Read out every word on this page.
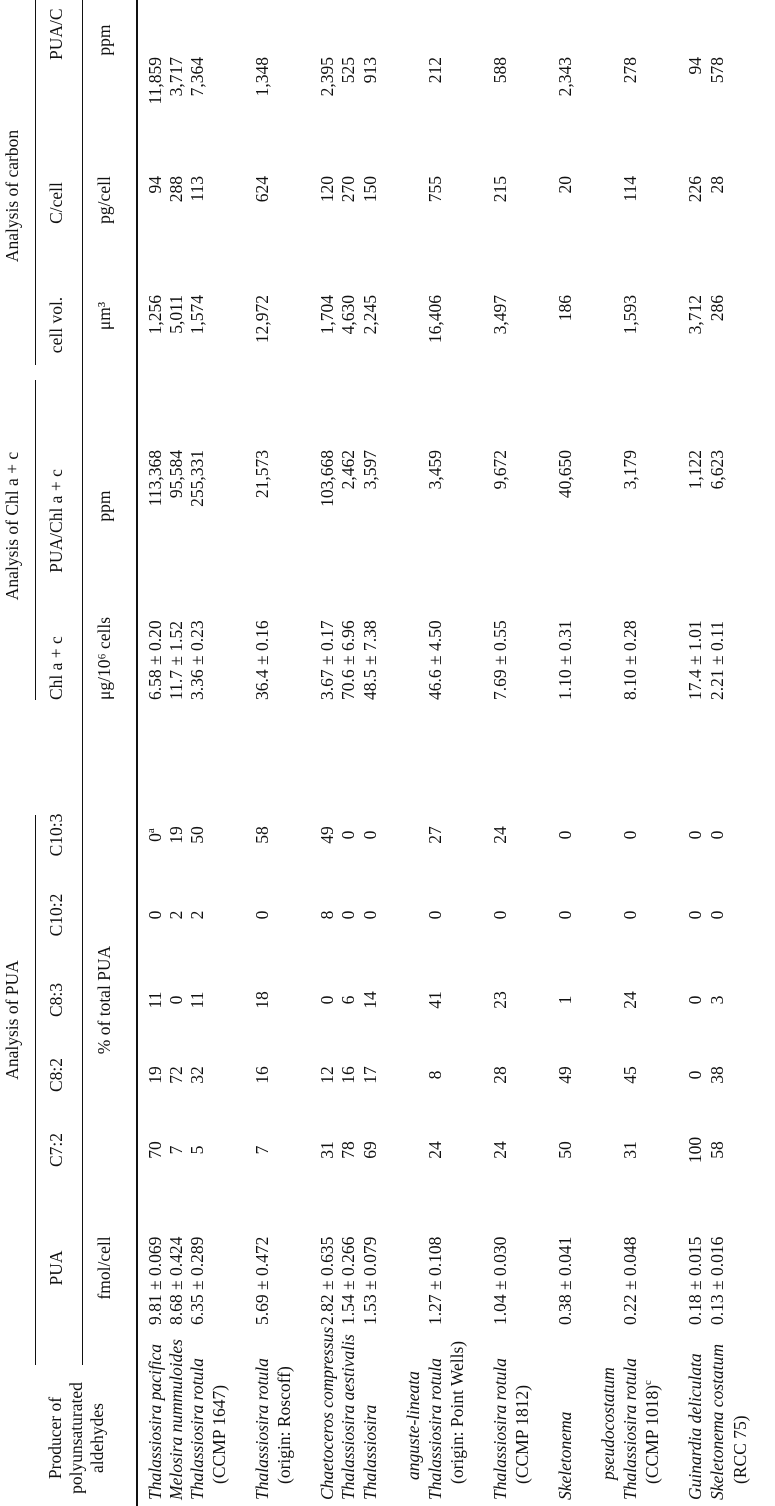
Analysis of PUA
Analysis of Chl a + c
Analysis of carbon
Producer of polyunsaturated aldehydes
PUA
C7:2
C8:2
C8:3
C10:2
C10:3
Chl a + c
PUA/Chl a + c
cell vol.
C/cell
PUA/C
fmol/cell
% of total PUA
μg/10⁶ cells
ppm
μm³
pg/cell
ppm
Thalassiosira pacifica
9.81 ± 0.069
70
19
11
0
0$^a$
6.58 ± 0.20
113,368
1,256
94
11,859
Melosira nummuloides
8.68 ± 0.424
7
72
0
2
19
11.7 ± 1.52
95,584
5,011
288
3,717
Thalassiosira rotula (CCMP 1647)
6.35 ± 0.289
5
32
11
2
50
3.36 ± 0.23
255,331
1,574
113
7,364
Thalassiosira rotula (origin: Roscoff)
5.69 ± 0.472
7
16
18
0
58
36.4 ± 0.16
21,573
12,972
624
1,348
Chaetoceros compressus
2.82 ± 0.635
31
12
0
8
49
3.67 ± 0.17
103,668
1,704
120
2,395
Thalassiosira aestivalis
1.54 ± 0.266
78
16
6
0
0
70.6 ± 6.96
2,462
4,630
270
525
Thalassiosira anguste-lineata
1.53 ± 0.079
69
17
14
0
0
48.5 ± 7.38
3,597
2,245
150
913
Thalassiosira rotula (origin: Point Wells)
1.27 ± 0.108
24
8
41
0
27
46.6 ± 4.50
3,459
16,406
755
212
Thalassiosira rotula (CCMP 1812)
1.04 ± 0.030
24
28
23
0
24
7.69 ± 0.55
9,672
3,497
215
588
Skeletonema pseudocostatum
0.38 ± 0.041
50
49
1
0
0
1.10 ± 0.31
40,650
186
20
2,343
Thalassiosira rotula (CCMP 1018)$^c$
0.22 ± 0.048
31
45
24
0
0
8.10 ± 0.28
3,179
1,593
114
278
Guinardia deliculata
0.18 ± 0.015
100
0
0
0
0
17.4 ± 1.01
1,122
3,712
226
94
Skeletonema costatum (RCC 75)
0.13 ± 0.016
58
38
3
0
0
2.21 ± 0.11
6,623
286
28
578
